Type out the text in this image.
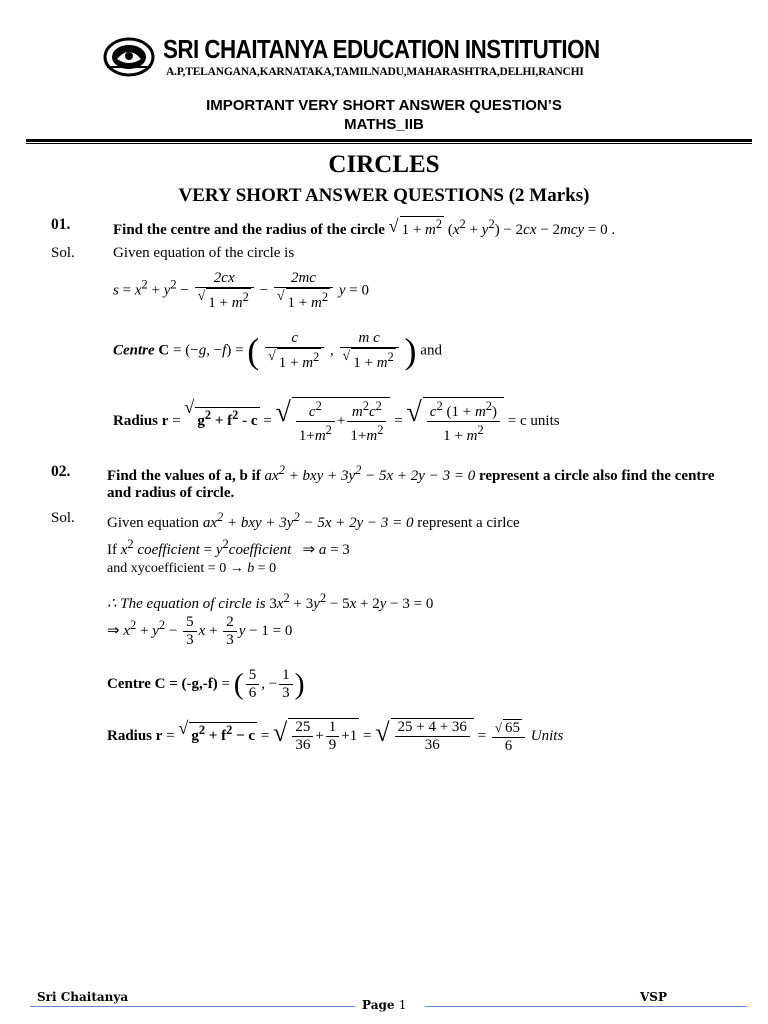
SRI CHAITANYA EDUCATION INSTITUTION
A.P,TELANGANA,KARNATAKA,TAMILNADU,MAHARASHTRA,DELHI,RANCHI
IMPORTANT VERY SHORT ANSWER QUESTION’S
MATHS_IIB
CIRCLES
VERY SHORT ANSWER QUESTIONS (2 Marks)
01.	Find the centre and the radius of the circle √ $1 + m^2$ $(x^2 + y^2) - 2cx - 2mcy = 0$ .
Sol.	Given equation of the circle is
$s = x^2 + y^2 - \frac{2cx}{√ 1 + m^2} - \frac{2mc}{√ 1 + m^2}$ y = 0
Centre C = (−g, −f) = ( $\frac{c}{√ 1 + m^2}$ , $\frac{\text{m c}}{√ 1 + m^2}$ ) and
Radius $r = √g^2 + f^2 - c$ = √ $\frac{c^2}{1+m^2} + \frac{m^2c^2}{1+m^2}$ = √ $\frac{c^2 (1 + m^2)}{1 + m^2} = c$ units
02. Find the values of a, b if $ax^2$ + bxy + $3y^2 - 5x + 2y - 3 = 0$ represent a circle also find the centre
and radius of circle.
Sol. Given equation $ax^2$ + bxy + $3y^2 - 5x + 2y - 3 = 0$ represent a cirlce
If $x^2$ coefficient = $y^2coefficient$   ⇒ a = 3
and xycoefficient = 0 → b = 0
∴ The equation of circle is $3x^2 + 3y^2 - 5x + 2y - 3 = 0$
⇒ $x^2 + y^2 - \frac{5}{3}$ $x + \frac{2}{3}$ y − 1 = 0
Centre C = (-g,-f) = ( $\frac{5}{6}$ , − $\frac{1}{3}$ )
Radius r = √ $g^2 + f^2 - c$ = √ $\frac{25}{36} + \frac{1}{9} +1$ = √ $\frac{25 + 4 + 36}{36} = \frac{√ 65}{6}$ Units
Sri Chaitanya
Page 1
VSP
